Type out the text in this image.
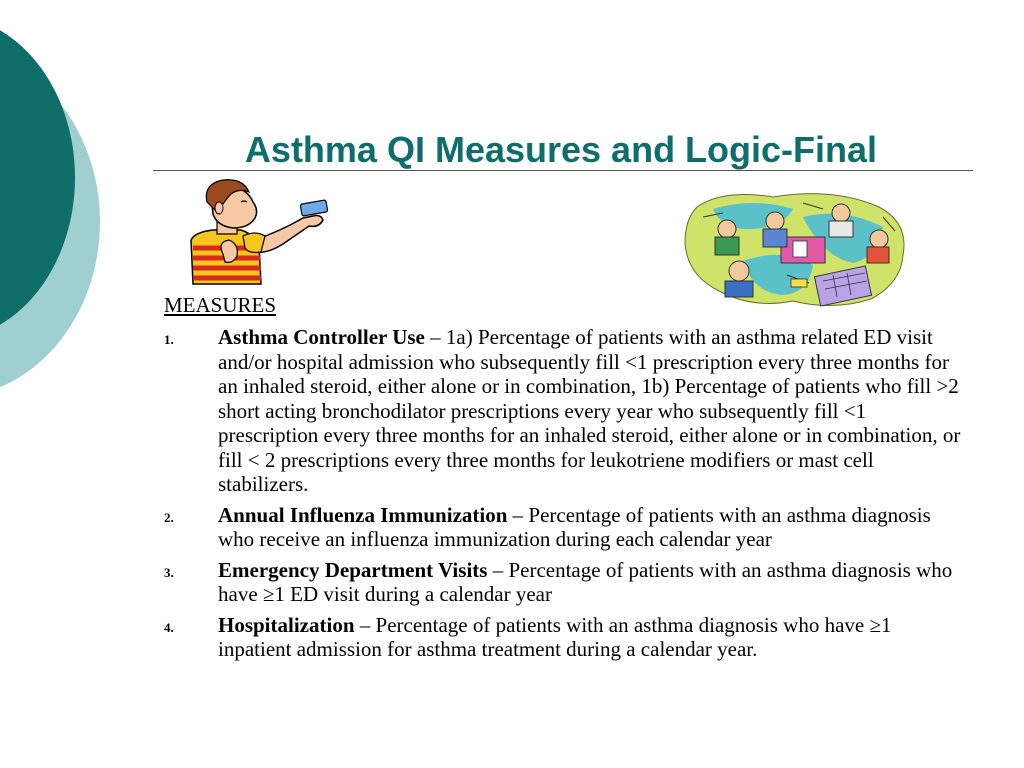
Asthma QI Measures and Logic-Final

MEASURES

1. Asthma Controller Use – 1a) Percentage of patients with an asthma related ED visit and/or hospital admission who subsequently fill <1 prescription every three months for an inhaled steroid, either alone or in combination, 1b) Percentage of patients who fill >2 short acting bronchodilator prescriptions every year who subsequently fill <1 prescription every three months for an inhaled steroid, either alone or in combination, or fill < 2 prescriptions every three months for leukotriene modifiers or mast cell stabilizers.
2. Annual Influenza Immunization – Percentage of patients with an asthma diagnosis who receive an influenza immunization during each calendar year
3. Emergency Department Visits – Percentage of patients with an asthma diagnosis who have ≥1 ED visit during a calendar year
4. Hospitalization – Percentage of patients with an asthma diagnosis who have ≥1 inpatient admission for asthma treatment during a calendar year.
